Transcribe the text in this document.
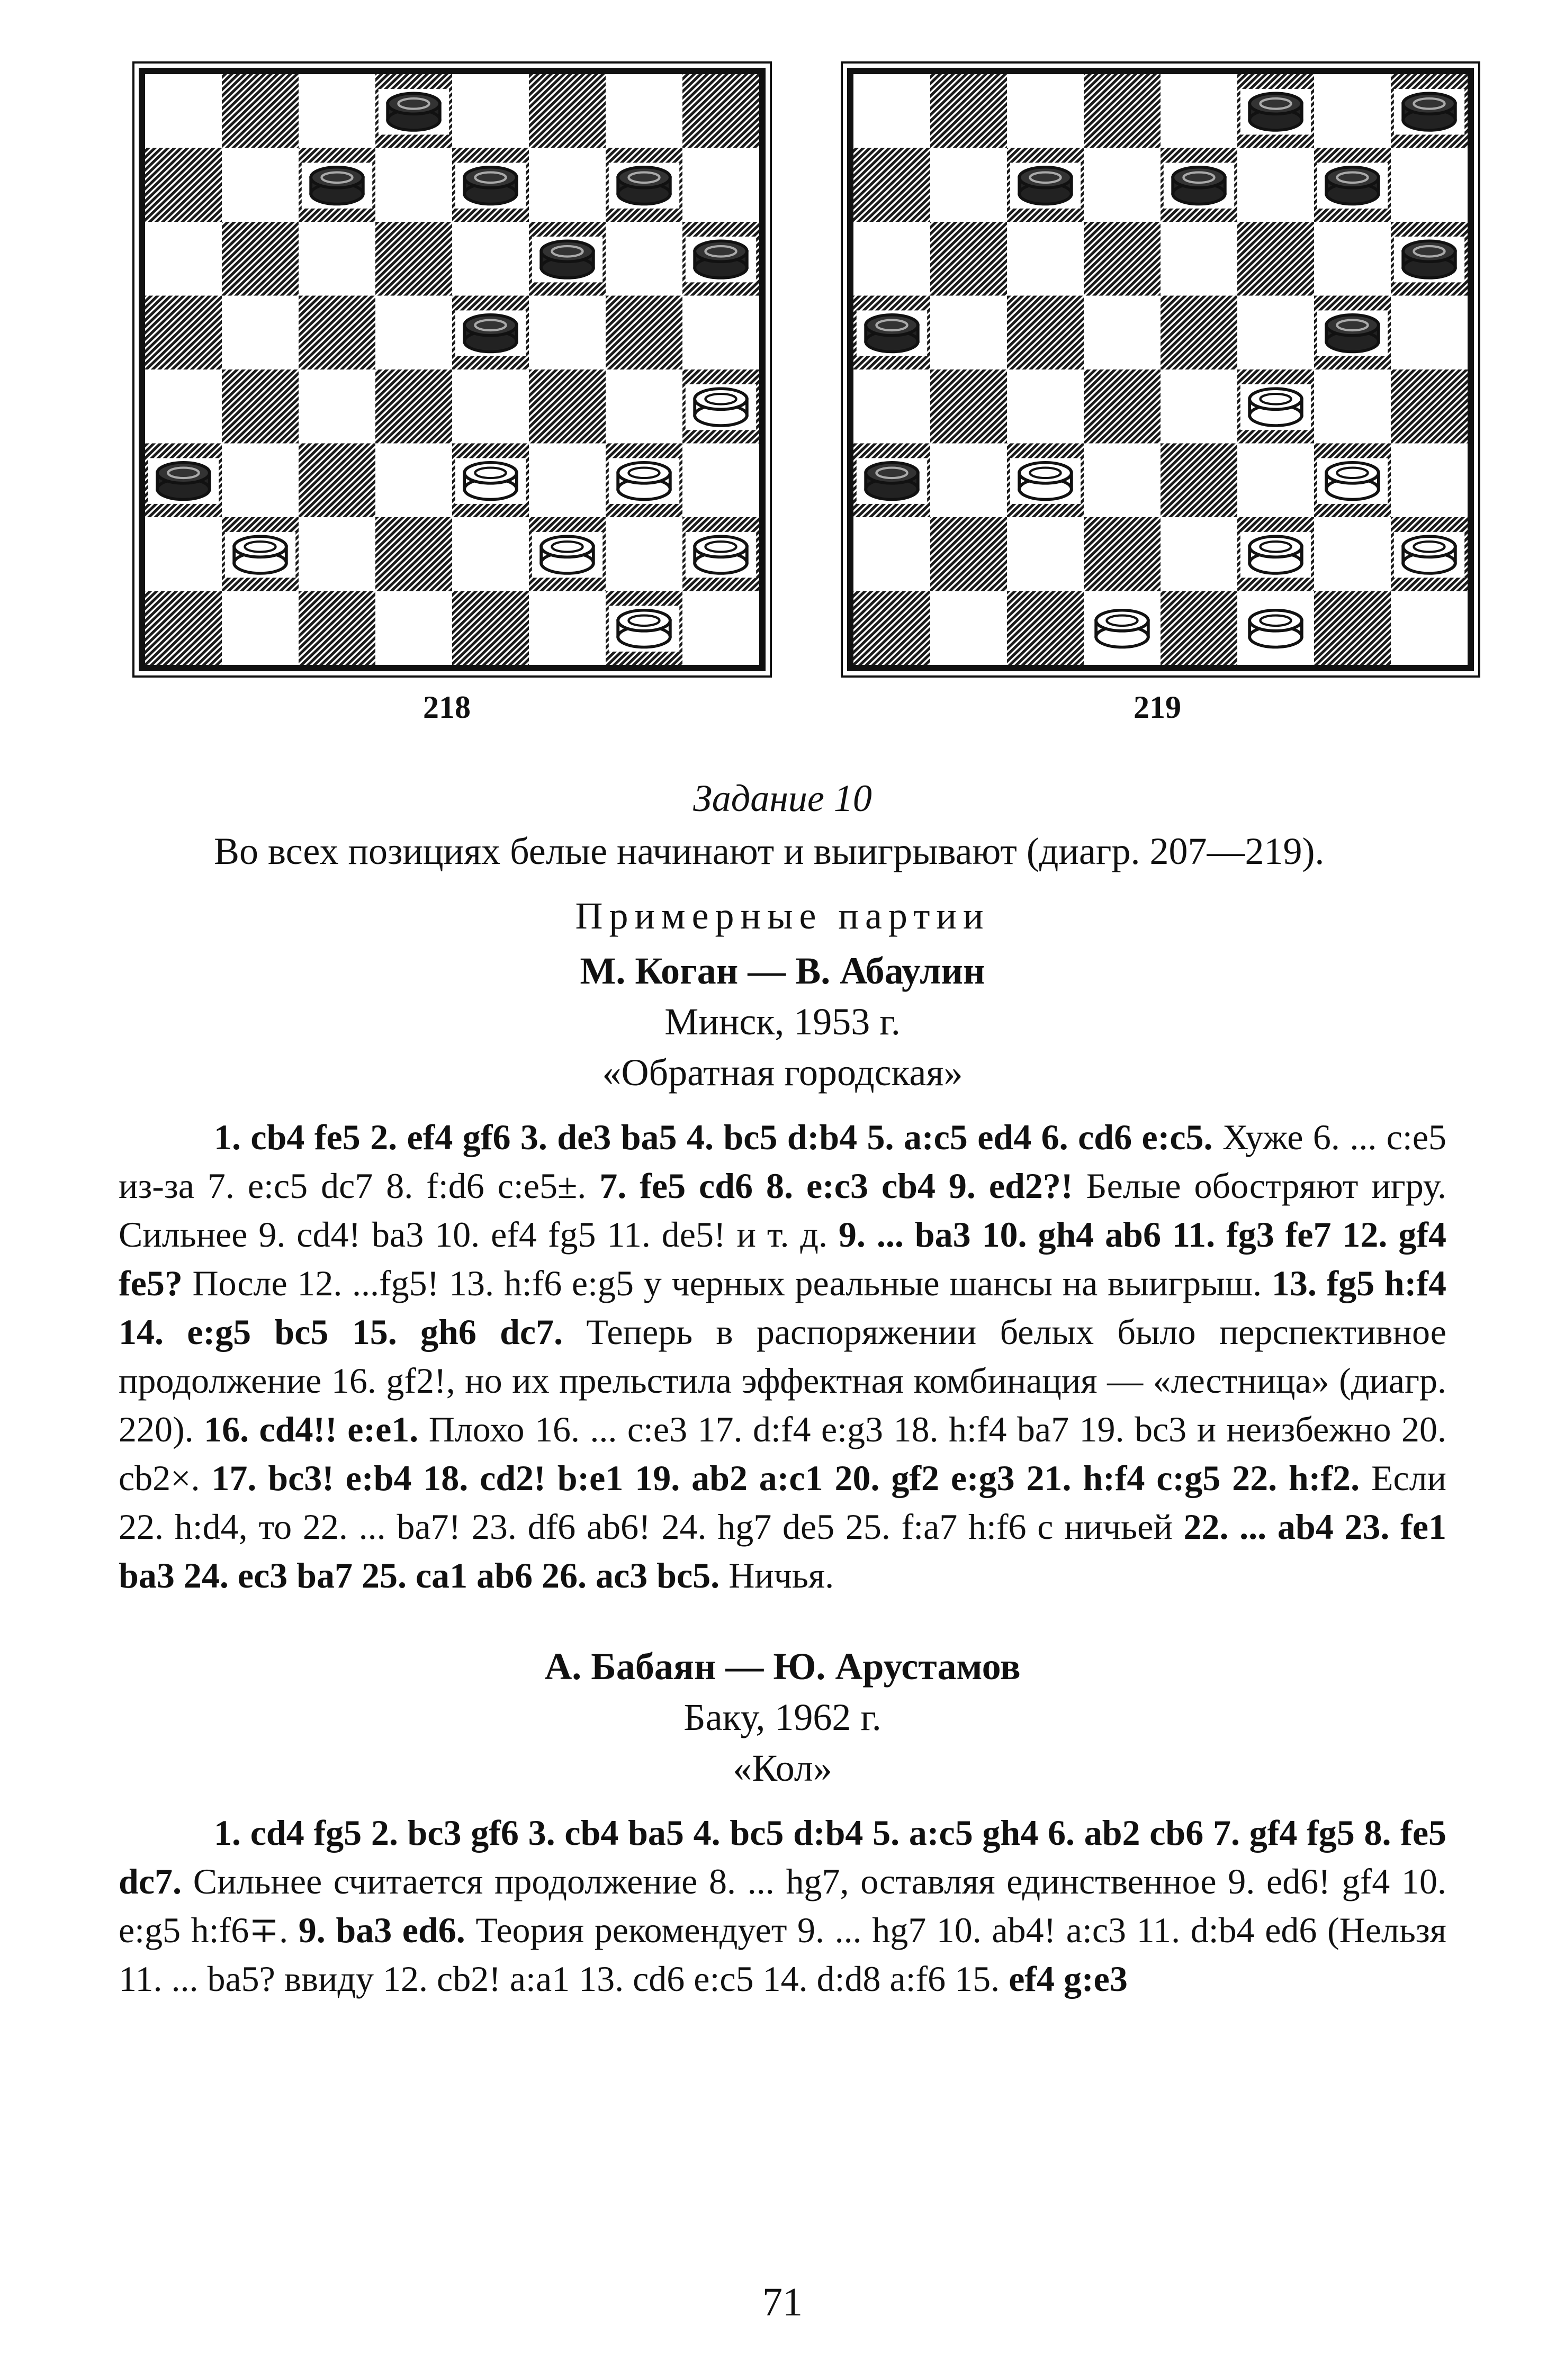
218	219
Задание 10
Во всех позициях белые начинают и выигрывают (диагр. 207—219).
Примерные партии
М. Коган — В. Абаулин
Минск, 1953 г.
«Обратная городская»
1. cb4 fe5 2. ef4 gf6 3. de3 ba5 4. bc5 d:b4 5. a:c5 ed4 6. cd6 e:c5. Хуже 6. ... c:e5 из-за 7. e:c5 dc7 8. f:d6 c:e5±. 7. fe5 cd6 8. e:c3 cb4 9. ed2?! Белые обостряют игру. Сильнее 9. cd4! ba3 10. ef4 fg5 11. de5! и т. д. 9. ... ba3 10. gh4 ab6 11. fg3 fe7 12. gf4 fe5? После 12. ...fg5! 13. h:f6 e:g5 у черных реальные шансы на выигрыш. 13. fg5 h:f4 14. e:g5 bc5 15. gh6 dc7. Теперь в распоряжении белых было перспективное продолжение 16. gf2!, но их прельстила эффектная комбинация — «лестница» (диагр. 220). 16. cd4!! e:e1. Плохо 16. ... c:e3 17. d:f4 e:g3 18. h:f4 ba7 19. bc3 и неизбежно 20. cb2×. 17. bc3! e:b4 18. cd2! b:e1 19. ab2 a:c1 20. gf2 e:g3 21. h:f4 c:g5 22. h:f2. Если 22. h:d4, то 22. ... ba7! 23. df6 ab6! 24. hg7 de5 25. f:a7 h:f6 с ничьей 22. ... ab4 23. fe1 ba3 24. ec3 ba7 25. ca1 ab6 26. ac3 bc5. Ничья.
А. Бабаян — Ю. Арустамов
Баку, 1962 г.
«Кол»
1. cd4 fg5 2. bc3 gf6 3. cb4 ba5 4. bc5 d:b4 5. a:c5 gh4 6. ab2 cb6 7. gf4 fg5 8. fe5 dc7. Сильнее считается продолжение 8. ... hg7, оставляя единственное 9. ed6! gf4 10. e:g5 h:f6∓. 9. ba3 ed6. Теория рекомендует 9. ... hg7 10. ab4! a:c3 11. d:b4 ed6 (Нельзя 11. ... ba5? ввиду 12. cb2! a:a1 13. cd6 e:c5 14. d:d8 a:f6 15. ef4 g:e3
71
